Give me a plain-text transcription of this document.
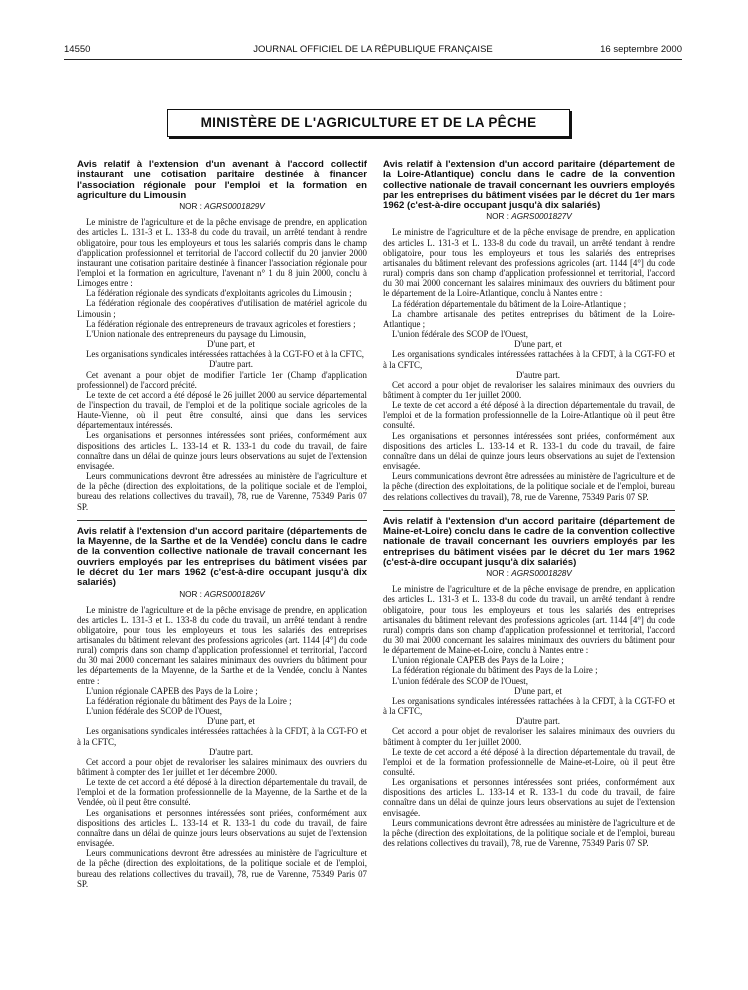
14550	JOURNAL OFFICIEL DE LA RÉPUBLIQUE FRANÇAISE	16 septembre 2000
MINISTÈRE DE L'AGRICULTURE ET DE LA PÊCHE

Avis relatif à l'extension d'un avenant à l'accord collectif instaurant une cotisation paritaire destinée à financer l'association régionale pour l'emploi et la formation en agriculture du Limousin

NOR : AGRS0001829V

Le ministre de l'agriculture et de la pêche envisage de prendre, en application des articles L. 131-3 et L. 133-8 du code du travail, un arrêté tendant à rendre obligatoire, pour tous les employeurs et tous les salariés compris dans le champ d'application professionnel et territorial de l'accord collectif du 20 janvier 2000 instaurant une cotisation paritaire destinée à financer l'association régionale pour l'emploi et la formation en agriculture, l'avenant n° 1 du 8 juin 2000, conclu à Limoges entre :

La fédération régionale des syndicats d'exploitants agricoles du Limousin ;

La fédération régionale des coopératives d'utilisation de matériel agricole du Limousin ;

La fédération régionale des entrepreneurs de travaux agricoles et forestiers ;

L'Union nationale des entrepreneurs du paysage du Limousin,

D'une part, et

Les organisations syndicales intéressées rattachées à la CGT-FO et à la CFTC,

D'autre part.

Cet avenant a pour objet de modifier l'article 1er (Champ d'application professionnel) de l'accord précité.

Le texte de cet accord a été déposé le 26 juillet 2000 au service départemental de l'inspection du travail, de l'emploi et de la politique sociale agricoles de la Haute-Vienne, où il peut être consulté, ainsi que dans les services départementaux intéressés.

Les organisations et personnes intéressées sont priées, conformément aux dispositions des articles L. 133-14 et R. 133-1 du code du travail, de faire connaître dans un délai de quinze jours leurs observations au sujet de l'extension envisagée.

Leurs communications devront être adressées au ministère de l'agriculture et de la pêche (direction des exploitations, de la politique sociale et de l'emploi, bureau des relations collectives du travail), 78, rue de Varenne, 75349 Paris 07 SP.

Avis relatif à l'extension d'un accord paritaire (départements de la Mayenne, de la Sarthe et de la Vendée) conclu dans le cadre de la convention collective nationale de travail concernant les ouvriers employés par les entreprises du bâtiment visées par le décret du 1er mars 1962 (c'est-à-dire occupant jusqu'à dix salariés)

NOR : AGRS0001826V

Le ministre de l'agriculture et de la pêche envisage de prendre, en application des articles L. 131-3 et L. 133-8 du code du travail, un arrêté tendant à rendre obligatoire, pour tous les employeurs et tous les salariés des entreprises artisanales du bâtiment relevant des professions agricoles (art. 1144 [4°] du code rural) compris dans son champ d'application professionnel et territorial, l'accord du 30 mai 2000 concernant les salaires minimaux des ouvriers du bâtiment pour les départements de la Mayenne, de la Sarthe et de la Vendée, conclu à Nantes entre :

L'union régionale CAPEB des Pays de la Loire ;

La fédération régionale du bâtiment des Pays de la Loire ;

L'union fédérale des SCOP de l'Ouest,

D'une part, et

Les organisations syndicales intéressées rattachées à la CFDT, à la CGT-FO et à la CFTC,

D'autre part.

Cet accord a pour objet de revaloriser les salaires minimaux des ouvriers du bâtiment à compter des 1er juillet et 1er décembre 2000.

Le texte de cet accord a été déposé à la direction départementale du travail, de l'emploi et de la formation professionnelle de la Mayenne, de la Sarthe et de la Vendée, où il peut être consulté.

Les organisations et personnes intéressées sont priées, conformément aux dispositions des articles L. 133-14 et R. 133-1 du code du travail, de faire connaître dans un délai de quinze jours leurs observations au sujet de l'extension envisagée.

Leurs communications devront être adressées au ministère de l'agriculture et de la pêche (direction des exploitations, de la politique sociale et de l'emploi, bureau des relations collectives du travail), 78, rue de Varenne, 75349 Paris 07 SP.

Avis relatif à l'extension d'un accord paritaire (département de la Loire-Atlantique) conclu dans le cadre de la convention collective nationale de travail concernant les ouvriers employés par les entreprises du bâtiment visées par le décret du 1er mars 1962 (c'est-à-dire occupant jusqu'à dix salariés)

NOR : AGRS0001827V

Le ministre de l'agriculture et de la pêche envisage de prendre, en application des articles L. 131-3 et L. 133-8 du code du travail, un arrêté tendant à rendre obligatoire, pour tous les employeurs et tous les salariés des entreprises artisanales du bâtiment relevant des professions agricoles (art. 1144 [4°] du code rural) compris dans son champ d'application professionnel et territorial, l'accord du 30 mai 2000 concernant les salaires minimaux des ouvriers du bâtiment pour le département de la Loire-Atlantique, conclu à Nantes entre :

La fédération départementale du bâtiment de la Loire-Atlantique ;

La chambre artisanale des petites entreprises du bâtiment de la Loire-Atlantique ;

L'union fédérale des SCOP de l'Ouest,

D'une part, et

Les organisations syndicales intéressées rattachées à la CFDT, à la CGT-FO et à la CFTC,

D'autre part.

Cet accord a pour objet de revaloriser les salaires minimaux des ouvriers du bâtiment à compter du 1er juillet 2000.

Le texte de cet accord a été déposé à la direction départementale du travail, de l'emploi et de la formation professionnelle de la Loire-Atlantique où il peut être consulté.

Les organisations et personnes intéressées sont priées, conformément aux dispositions des articles L. 133-14 et R. 133-1 du code du travail, de faire connaître dans un délai de quinze jours leurs observations au sujet de l'extension envisagée.

Leurs communications devront être adressées au ministère de l'agriculture et de la pêche (direction des exploitations, de la politique sociale et de l'emploi, bureau des relations collectives du travail), 78, rue de Varenne, 75349 Paris 07 SP.

Avis relatif à l'extension d'un accord paritaire (département de Maine-et-Loire) conclu dans le cadre de la convention collective nationale de travail concernant les ouvriers employés par les entreprises du bâtiment visées par le décret du 1er mars 1962 (c'est-à-dire occupant jusqu'à dix salariés)

NOR : AGRS0001828V

Le ministre de l'agriculture et de la pêche envisage de prendre, en application des articles L. 131-3 et L. 133-8 du code du travail, un arrêté tendant à rendre obligatoire, pour tous les employeurs et tous les salariés des entreprises artisanales du bâtiment relevant des professions agricoles (art. 1144 [4°] du code rural) compris dans son champ d'application professionnel et territorial, l'accord du 30 mai 2000 concernant les salaires minimaux des ouvriers du bâtiment pour le département de Maine-et-Loire, conclu à Nantes entre :

L'union régionale CAPEB des Pays de la Loire ;

La fédération régionale du bâtiment des Pays de la Loire ;

L'union fédérale des SCOP de l'Ouest,

D'une part, et

Les organisations syndicales intéressées rattachées à la CFDT, à la CGT-FO et à la CFTC,

D'autre part.

Cet accord a pour objet de revaloriser les salaires minimaux des ouvriers du bâtiment à compter du 1er juillet 2000.

Le texte de cet accord a été déposé à la direction départementale du travail, de l'emploi et de la formation professionnelle de Maine-et-Loire, où il peut être consulté.

Les organisations et personnes intéressées sont priées, conformément aux dispositions des articles L. 133-14 et R. 133-1 du code du travail, de faire connaître dans un délai de quinze jours leurs observations au sujet de l'extension envisagée.

Leurs communications devront être adressées au ministère de l'agriculture et de la pêche (direction des exploitations, de la politique sociale et de l'emploi, bureau des relations collectives du travail), 78, rue de Varenne, 75349 Paris 07 SP.
